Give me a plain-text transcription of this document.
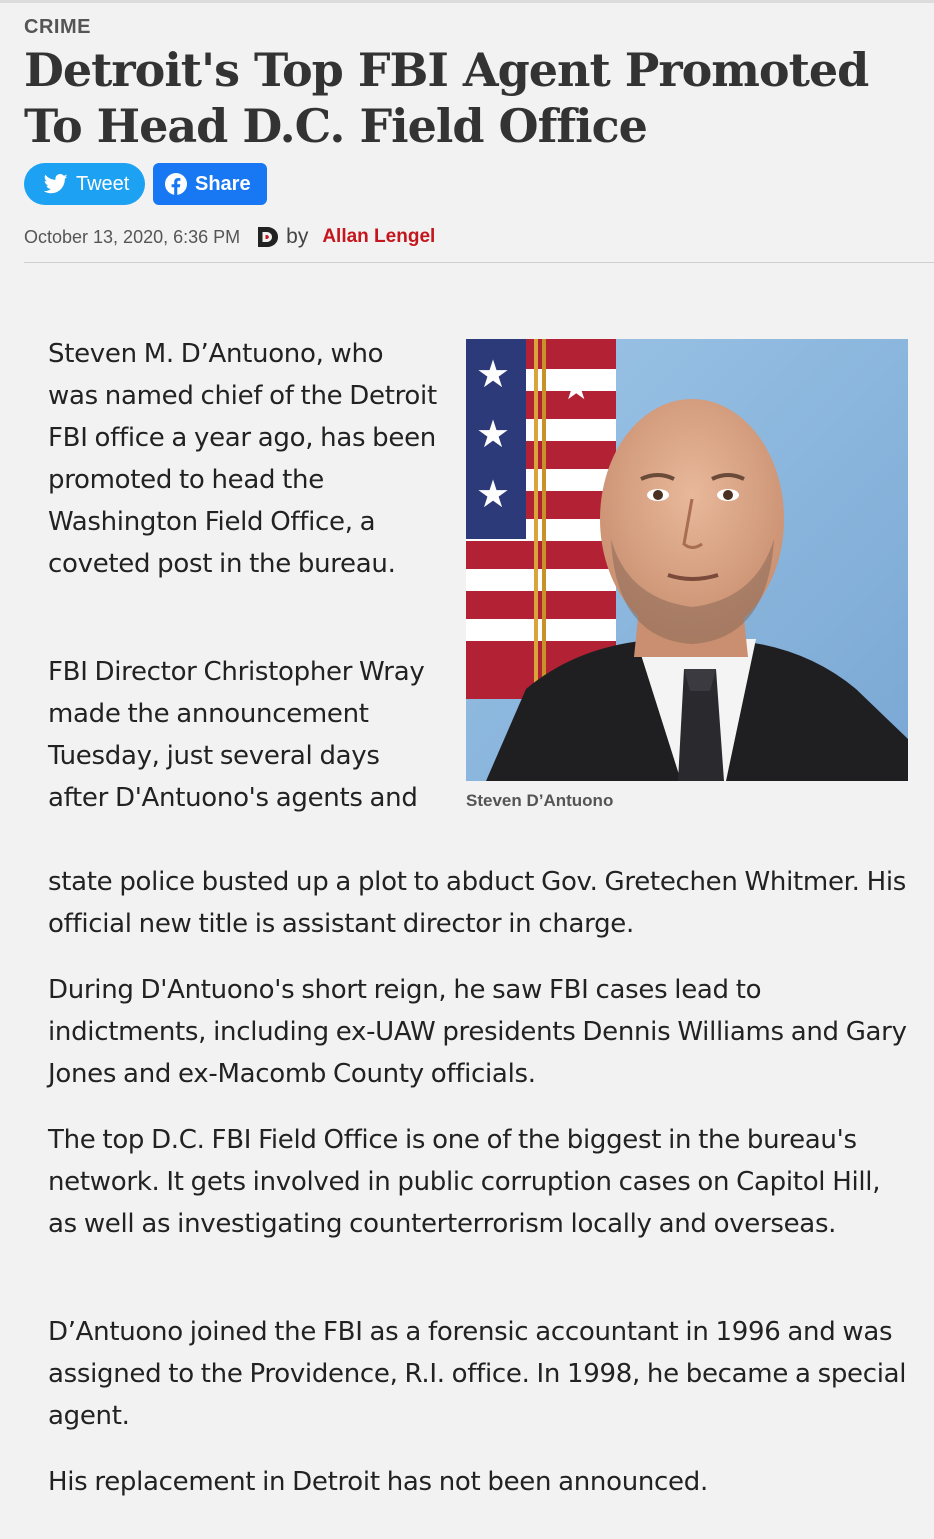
CRIME
Detroit's Top FBI Agent Promoted To Head D.C. Field Office
Tweet	Share
October 13, 2020, 6:36 PM by Allan Lengel
★
★
★
★
Steven D’Antuono

Steven M. D’Antuono, who was named chief of the Detroit FBI office a year ago, has been promoted to head the Washington Field Office, a coveted post in the bureau.

FBI Director Christopher Wray made the announcement Tuesday, just several days after D'Antuono's agents and

state police busted up a plot to abduct Gov. Gretechen Whitmer. His official new title is assistant director in charge.

During D'Antuono's short reign, he saw FBI cases lead to indictments, including ex-UAW presidents Dennis Williams and Gary Jones and ex-Macomb County officials.

The top D.C. FBI Field Office is one of the biggest in the bureau's network. It gets involved in public corruption cases on Capitol Hill, as well as investigating counterterrorism locally and overseas.

D’Antuono joined the FBI as a forensic accountant in 1996 and was assigned to the Providence, R.I. office. In 1998, he became a special agent.

His replacement in Detroit has not been announced.
